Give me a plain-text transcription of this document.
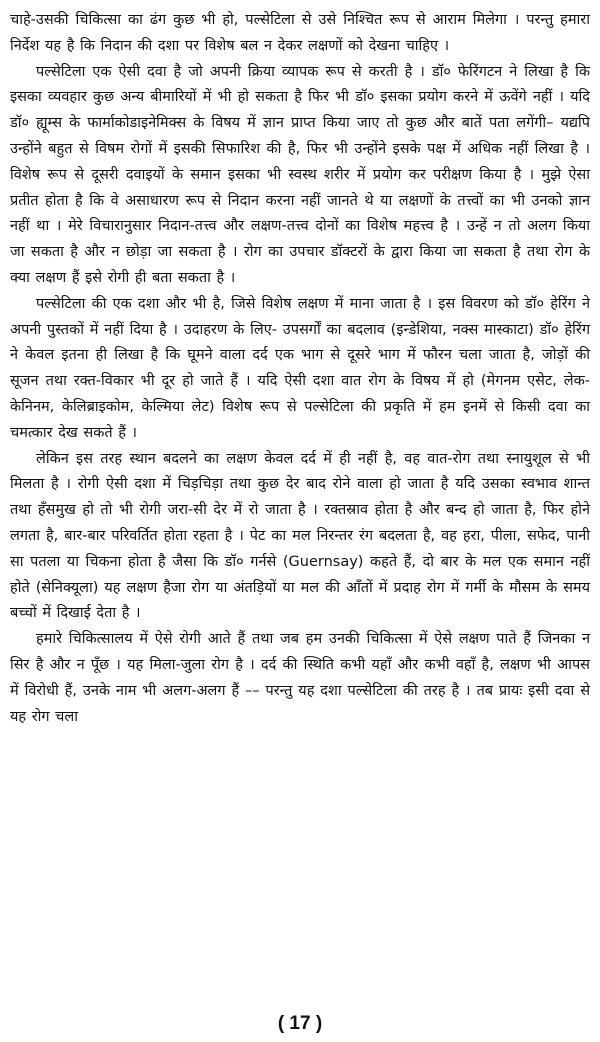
चाहे-उसकी चिकित्सा का ढंग कुछ भी हो, पल्सेटिला से उसे निश्चित रूप से आराम मिलेगा । परन्तु हमारा निर्देश यह है कि निदान की दशा पर विशेष बल न देकर लक्षणों को देखना चाहिए ।

पल्सेटिला एक ऐसी दवा है जो अपनी क्रिया व्यापक रूप से करती है । डॉ० फेरिंगटन ने लिखा है कि इसका व्यवहार कुछ अन्य बीमारियों में भी हो सकता है फिर भी डॉ० इसका प्रयोग करने में ऊवेंगे नहीं । यदि डॉ० ह्यूम्स के फार्माकोडाइनेमिक्स के विषय में ज्ञान प्राप्त किया जाए तो कुछ और बातें पता लगेंगी– यद्यपि उन्होंने बहुत से विषम रोगों में इसकी सिफारिश की है, फिर भी उन्होंने इसके पक्ष में अधिक नहीं लिखा है । विशेष रूप से दूसरी दवाइयों के समान इसका भी स्वस्थ शरीर में प्रयोग कर परीक्षण किया है । मुझे ऐसा प्रतीत होता है कि वे असाधारण रूप से निदान करना नहीं जानते थे या लक्षणों के तत्त्वों का भी उनको ज्ञान नहीं था । मेरे विचारानुसार निदान-तत्त्व और लक्षण-तत्त्व दोनों का विशेष महत्त्व है । उन्हें न तो अलग किया जा सकता है और न छोड़ा जा सकता है । रोग का उपचार डॉक्टरों के द्वारा किया जा सकता है तथा रोग के क्या लक्षण हैं इसे रोगी ही बता सकता है ।

पल्सेटिला की एक दशा और भी है, जिसे विशेष लक्षण में माना जाता है । इस विवरण को डॉ० हेरिंग ने अपनी पुस्तकों में नहीं दिया है । उदाहरण के लिए- उपसर्गों का बदलाव (इन्डेशिया, नक्स मास्काटा) डॉ० हेरिंग ने केवल इतना ही लिखा है कि घूमने वाला दर्द एक भाग से दूसरे भाग में फौरन चला जाता है, जोड़ों की सूजन तथा रक्त-विकार भी दूर हो जाते हैं । यदि ऐसी दशा वात रोग के विषय में हो (मेगनम एसेट, लेक-केनिनम, केलिब्राइकोम, केल्मिया लेट) विशेष रूप से पल्सेटिला की प्रकृति में हम इनमें से किसी दवा का चमत्कार देख सकते हैं ।

लेकिन इस तरह स्थान बदलने का लक्षण केवल दर्द में ही नहीं है, वह वात-रोग तथा स्नायुशूल से भी मिलता है । रोगी ऐसी दशा में चिड़चिड़ा तथा कुछ देर बाद रोने वाला हो जाता है यदि उसका स्वभाव शान्त तथा हँसमुख हो तो भी रोगी जरा-सी देर में रो जाता है । रक्तस्राव होता है और बन्द हो जाता है, फिर होने लगता है, बार-बार परिवर्तित होता रहता है । पेट का मल निरन्तर रंग बदलता है, वह हरा, पीला, सफेद, पानी सा पतला या चिकना होता है जैसा कि डॉ० गर्नसे (Guernsay) कहते हैं, दो बार के मल एक समान नहीं होते (सेनिक्यूला) यह लक्षण हैजा रोग या अंतड़ियों या मल की आँतों में प्रदाह रोग में गर्मी के मौसम के समय बच्चों में दिखाई देता है ।

हमारे चिकित्सालय में ऐसे रोगी आते हैं तथा जब हम उनकी चिकित्सा में ऐसे लक्षण पाते हैं जिनका न सिर है और न पूँछ । यह मिला-जुला रोग है । दर्द की स्थिति कभी यहाँ और कभी वहाँ है, लक्षण भी आपस में विरोधी हैं, उनके नाम भी अलग-अलग हैं –– परन्तु यह दशा पल्सेटिला की तरह है । तब प्रायः इसी दवा से यह रोग चला

( 17 )
